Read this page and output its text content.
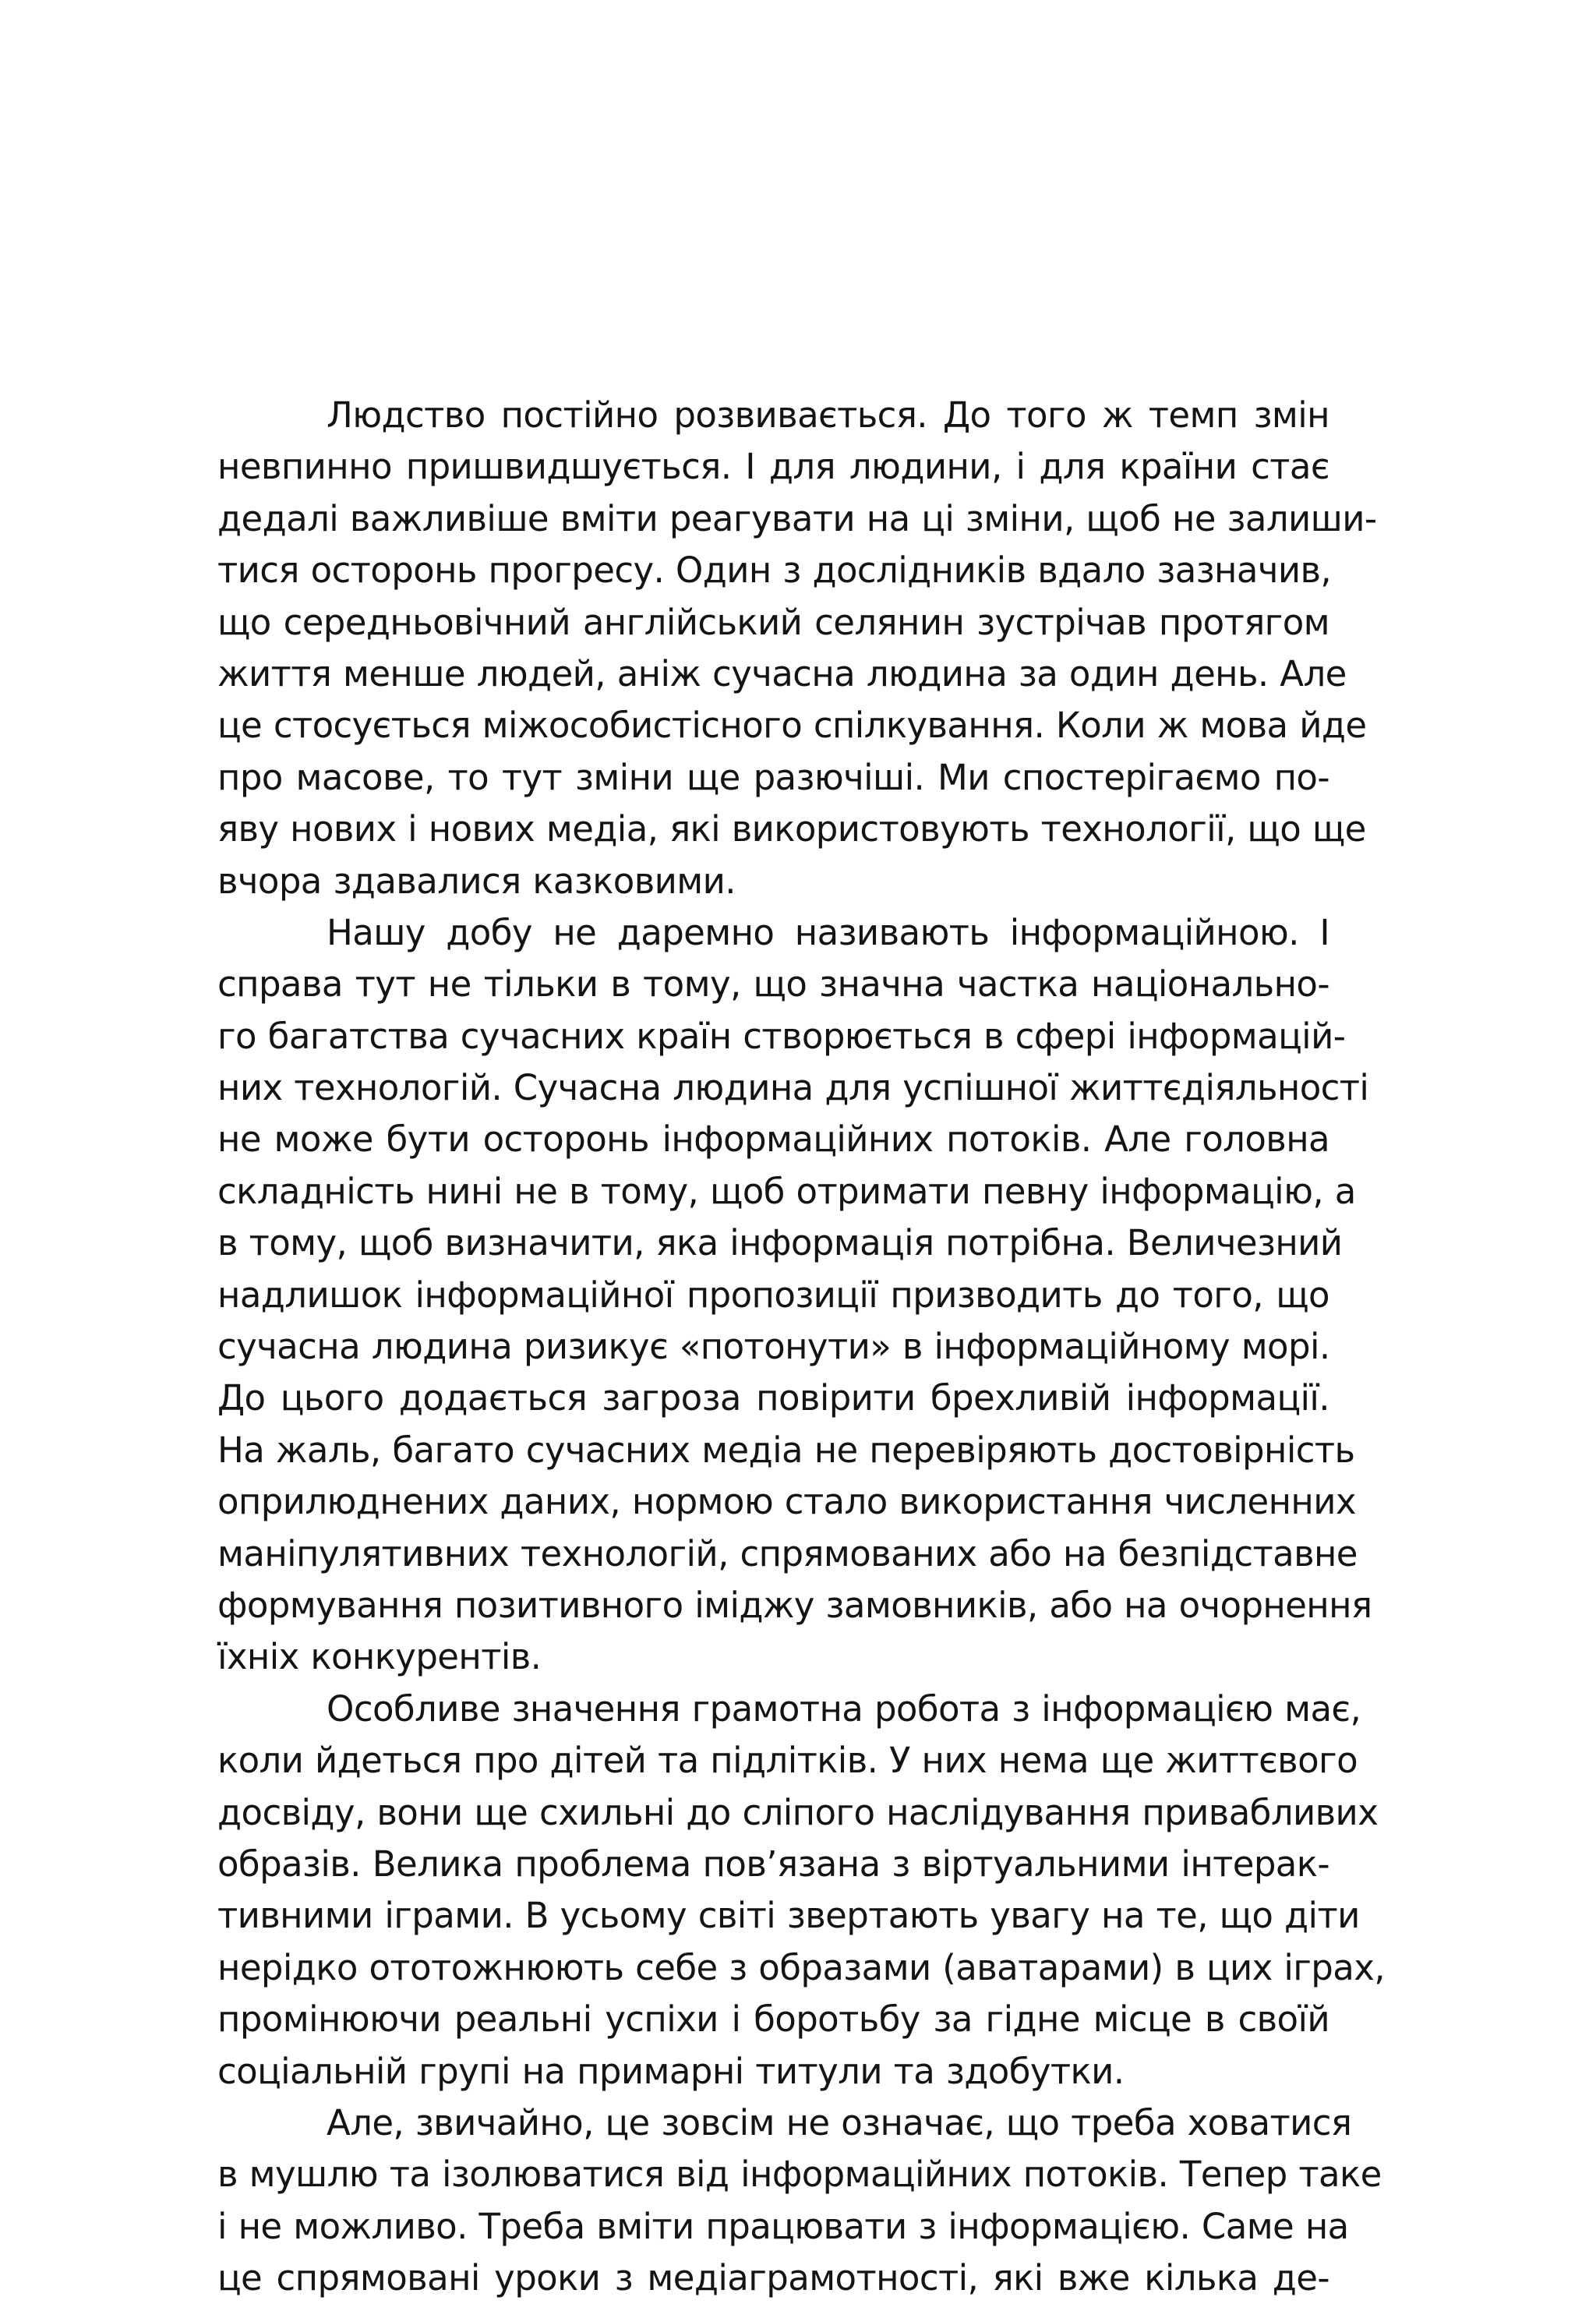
Людство постійно розвивається. До того ж темп змін
невпинно пришвидшується. І для людини, і для країни стає
дедалі важливіше вміти реагувати на ці зміни, щоб не залиши-
тися осторонь прогресу. Один з дослідників вдало зазначив,
що середньовічний англійський селянин зустрічав протягом
життя менше людей, аніж сучасна людина за один день. Але
це стосується міжособистісного спілкування. Коли ж мова йде
про масове, то тут зміни ще разючіші. Ми спостерігаємо по-
яву нових і нових медіа, які використовують технології, що ще
вчора здавалися казковими.
Нашу добу не даремно називають інформаційною. І
справа тут не тільки в тому, що значна частка національно-
го багатства сучасних країн створюється в сфері інформацій-
них технологій. Сучасна людина для успішної життєдіяльності
не може бути осторонь інформаційних потоків. Але головна
складність нині не в тому, щоб отримати певну інформацію, а
в тому, щоб визначити, яка інформація потрібна. Величезний
надлишок інформаційної пропозиції призводить до того, що
сучасна людина ризикує «потонути» в інформаційному морі.
До цього додається загроза повірити брехливій інформації.
На жаль, багато сучасних медіа не перевіряють достовірність
оприлюднених даних, нормою стало використання численних
маніпулятивних технологій, спрямованих або на безпідставне
формування позитивного іміджу замовників, або на очорнення
їхніх конкурентів.
Особливе значення грамотна робота з інформацією має,
коли йдеться про дітей та підлітків. У них нема ще життєвого
досвіду, вони ще схильні до сліпого наслідування привабливих
образів. Велика проблема пов’язана з віртуальними інтерак-
тивними іграми. В усьому світі звертають увагу на те, що діти
нерідко ототожнюють себе з образами (аватарами) в цих іграх,
промінюючи реальні успіхи і боротьбу за гідне місце в своїй
соціальній групі на примарні титули та здобутки.
Але, звичайно, це зовсім не означає, що треба ховатися
в мушлю та ізолюватися від інформаційних потоків. Тепер таке
і не можливо. Треба вміти працювати з інформацією. Саме на
це спрямовані уроки з медіаграмотності, які вже кілька де-
